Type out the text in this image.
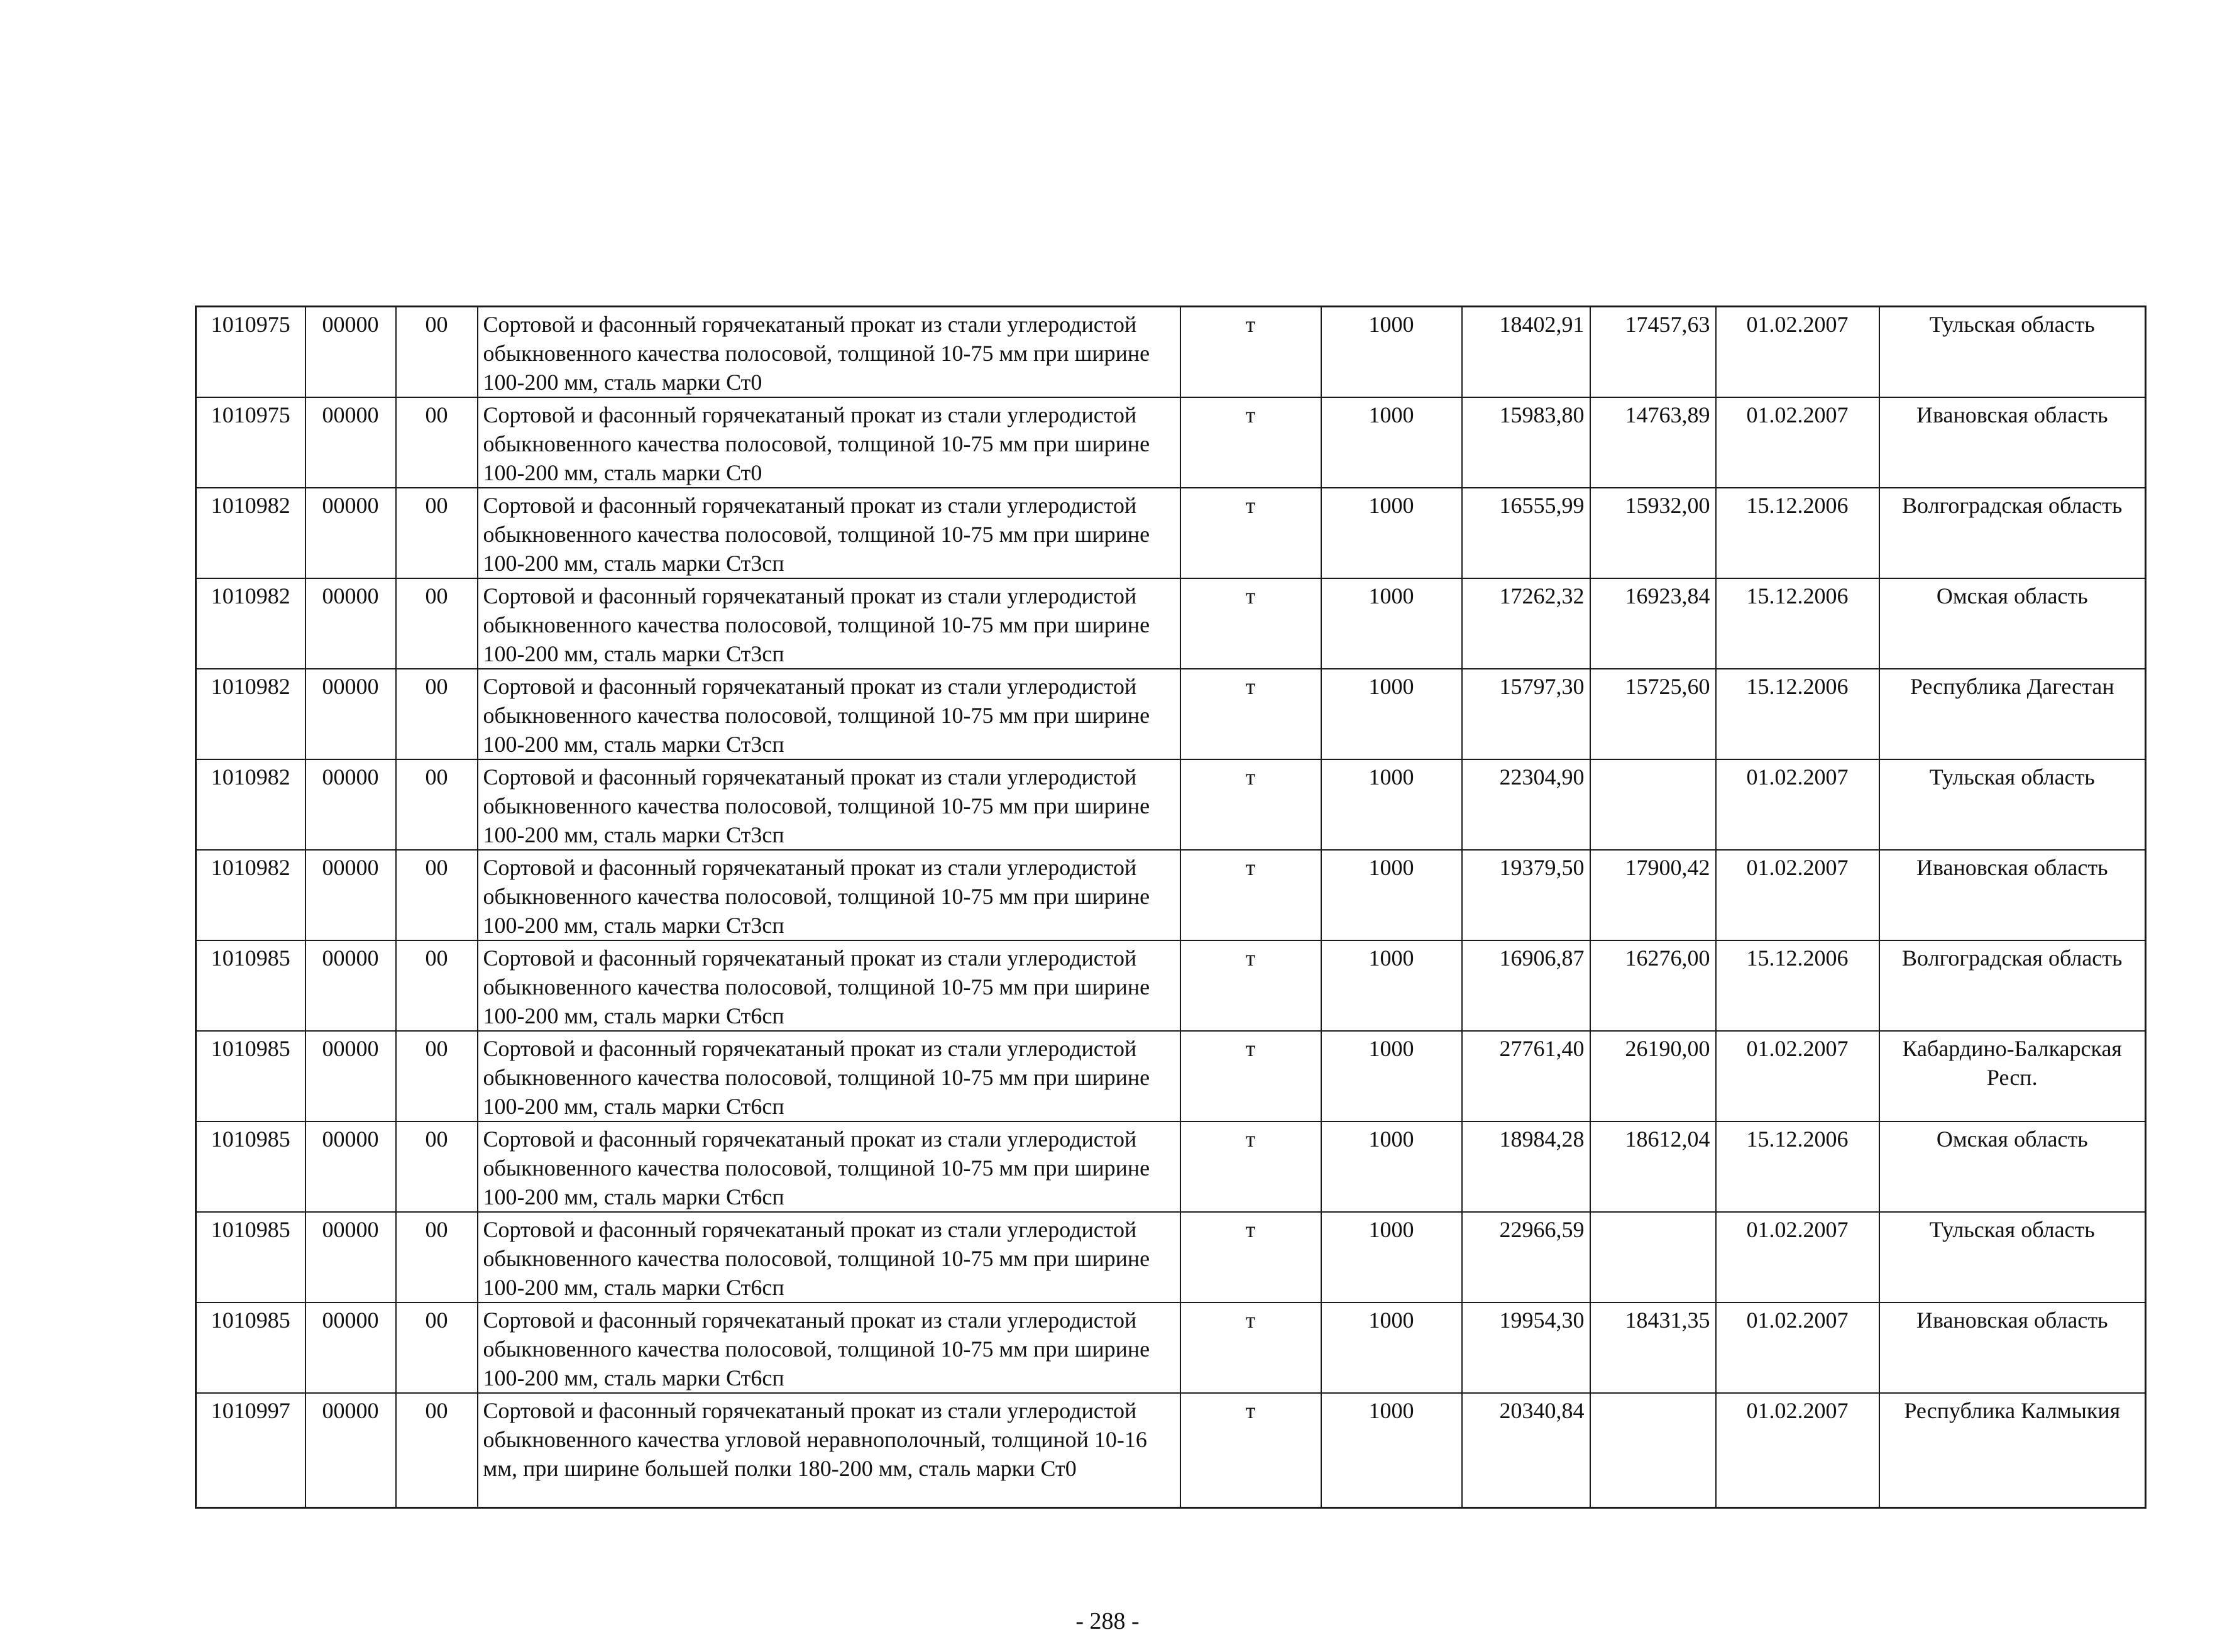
1010975	00000	00	Сортовой и фасонный горячекатаный прокат из стали углеродистой обыкновенного качества полосовой, толщиной 10-75 мм при ширине 100-200 мм, сталь марки Ст0	т	1000	18402,91	17457,63	01.02.2007	Тульская область
1010975	00000	00	Сортовой и фасонный горячекатаный прокат из стали углеродистой обыкновенного качества полосовой, толщиной 10-75 мм при ширине 100-200 мм, сталь марки Ст0	т	1000	15983,80	14763,89	01.02.2007	Ивановская область
1010982	00000	00	Сортовой и фасонный горячекатаный прокат из стали углеродистой обыкновенного качества полосовой, толщиной 10-75 мм при ширине 100-200 мм, сталь марки Ст3сп	т	1000	16555,99	15932,00	15.12.2006	Волгоградская область
1010982	00000	00	Сортовой и фасонный горячекатаный прокат из стали углеродистой обыкновенного качества полосовой, толщиной 10-75 мм при ширине 100-200 мм, сталь марки Ст3сп	т	1000	17262,32	16923,84	15.12.2006	Омская область
1010982	00000	00	Сортовой и фасонный горячекатаный прокат из стали углеродистой обыкновенного качества полосовой, толщиной 10-75 мм при ширине 100-200 мм, сталь марки Ст3сп	т	1000	15797,30	15725,60	15.12.2006	Республика Дагестан
1010982	00000	00	Сортовой и фасонный горячекатаный прокат из стали углеродистой обыкновенного качества полосовой, толщиной 10-75 мм при ширине 100-200 мм, сталь марки Ст3сп	т	1000	22304,90		01.02.2007	Тульская область
1010982	00000	00	Сортовой и фасонный горячекатаный прокат из стали углеродистой обыкновенного качества полосовой, толщиной 10-75 мм при ширине 100-200 мм, сталь марки Ст3сп	т	1000	19379,50	17900,42	01.02.2007	Ивановская область
1010985	00000	00	Сортовой и фасонный горячекатаный прокат из стали углеродистой обыкновенного качества полосовой, толщиной 10-75 мм при ширине 100-200 мм, сталь марки Ст6сп	т	1000	16906,87	16276,00	15.12.2006	Волгоградская область
1010985	00000	00	Сортовой и фасонный горячекатаный прокат из стали углеродистой обыкновенного качества полосовой, толщиной 10-75 мм при ширине 100-200 мм, сталь марки Ст6сп	т	1000	27761,40	26190,00	01.02.2007	Кабардино-Балкарская Респ.
1010985	00000	00	Сортовой и фасонный горячекатаный прокат из стали углеродистой обыкновенного качества полосовой, толщиной 10-75 мм при ширине 100-200 мм, сталь марки Ст6сп	т	1000	18984,28	18612,04	15.12.2006	Омская область
1010985	00000	00	Сортовой и фасонный горячекатаный прокат из стали углеродистой обыкновенного качества полосовой, толщиной 10-75 мм при ширине 100-200 мм, сталь марки Ст6сп	т	1000	22966,59		01.02.2007	Тульская область
1010985	00000	00	Сортовой и фасонный горячекатаный прокат из стали углеродистой обыкновенного качества полосовой, толщиной 10-75 мм при ширине 100-200 мм, сталь марки Ст6сп	т	1000	19954,30	18431,35	01.02.2007	Ивановская область
1010997	00000	00	Сортовой и фасонный горячекатаный прокат из стали углеродистой обыкновенного качества угловой неравнополочный, толщиной 10-16 мм, при ширине большей полки 180-200 мм, сталь марки Ст0	т	1000	20340,84		01.02.2007	Республика Калмыкия
- 288 -
